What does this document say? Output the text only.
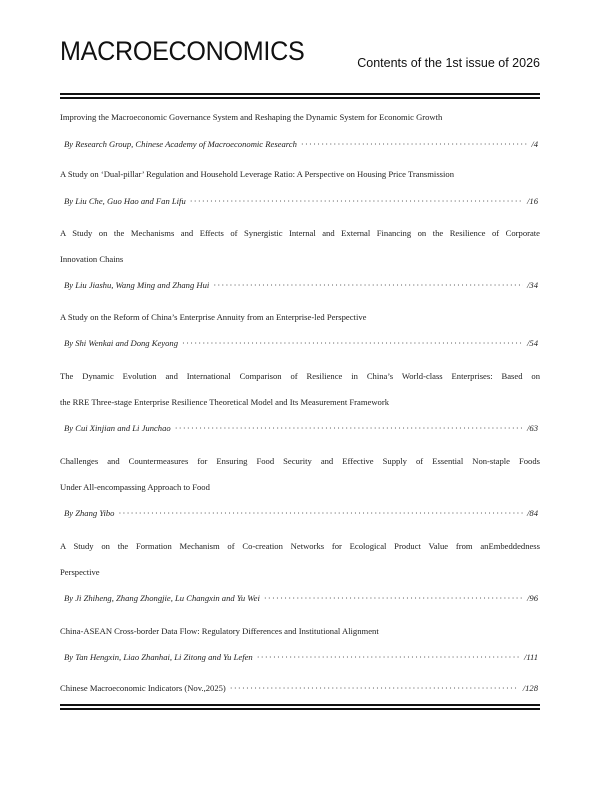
MACROECONOMICS	Contents of the 1st issue of 2026
Improving the Macroeconomic Governance System and Reshaping the Dynamic System for Economic Growth
By Research Group, Chinese Academy of Macroeconomic Research ·····	/4
A Study on ‘Dual-pillar’ Regulation and Household Leverage Ratio: A Perspective on Housing Price Transmission
By Liu Che, Guo Hao and Fan Lifu ·····	/16
A Study on the Mechanisms and Effects of Synergistic Internal and External Financing on the Resilience of Corporate
Innovation Chains
By Liu Jiashu, Wang Ming and Zhang Hui ·····	/34
A Study on the Reform of China’s Enterprise Annuity from an Enterprise-led Perspective
By Shi Wenkai and Dong Keyong ·····	/54
The Dynamic Evolution and International Comparison of Resilience in China’s World-class Enterprises: Based on
the RRE Three-stage Enterprise Resilience Theoretical Model and Its Measurement Framework
By Cui Xinjian and Li Junchao ·····	/63
Challenges and Countermeasures for Ensuring Food Security and Effective Supply of Essential Non-staple Foods
Under All-encompassing Approach to Food
By Zhang Yibo ·····	/84
A Study on the Formation Mechanism of Co-creation Networks for Ecological Product Value from anEmbeddedness
Perspective
By Ji Zhiheng, Zhang Zhongjie, Lu Changxin and Yu Wei ·····	/96
China-ASEAN Cross-border Data Flow: Regulatory Differences and Institutional Alignment
By Tan Hengxin, Liao Zhanhai, Li Zitong and Yu Lefen ·····	/111
Chinese Macroeconomic Indicators (Nov.,2025) ·····	/128
